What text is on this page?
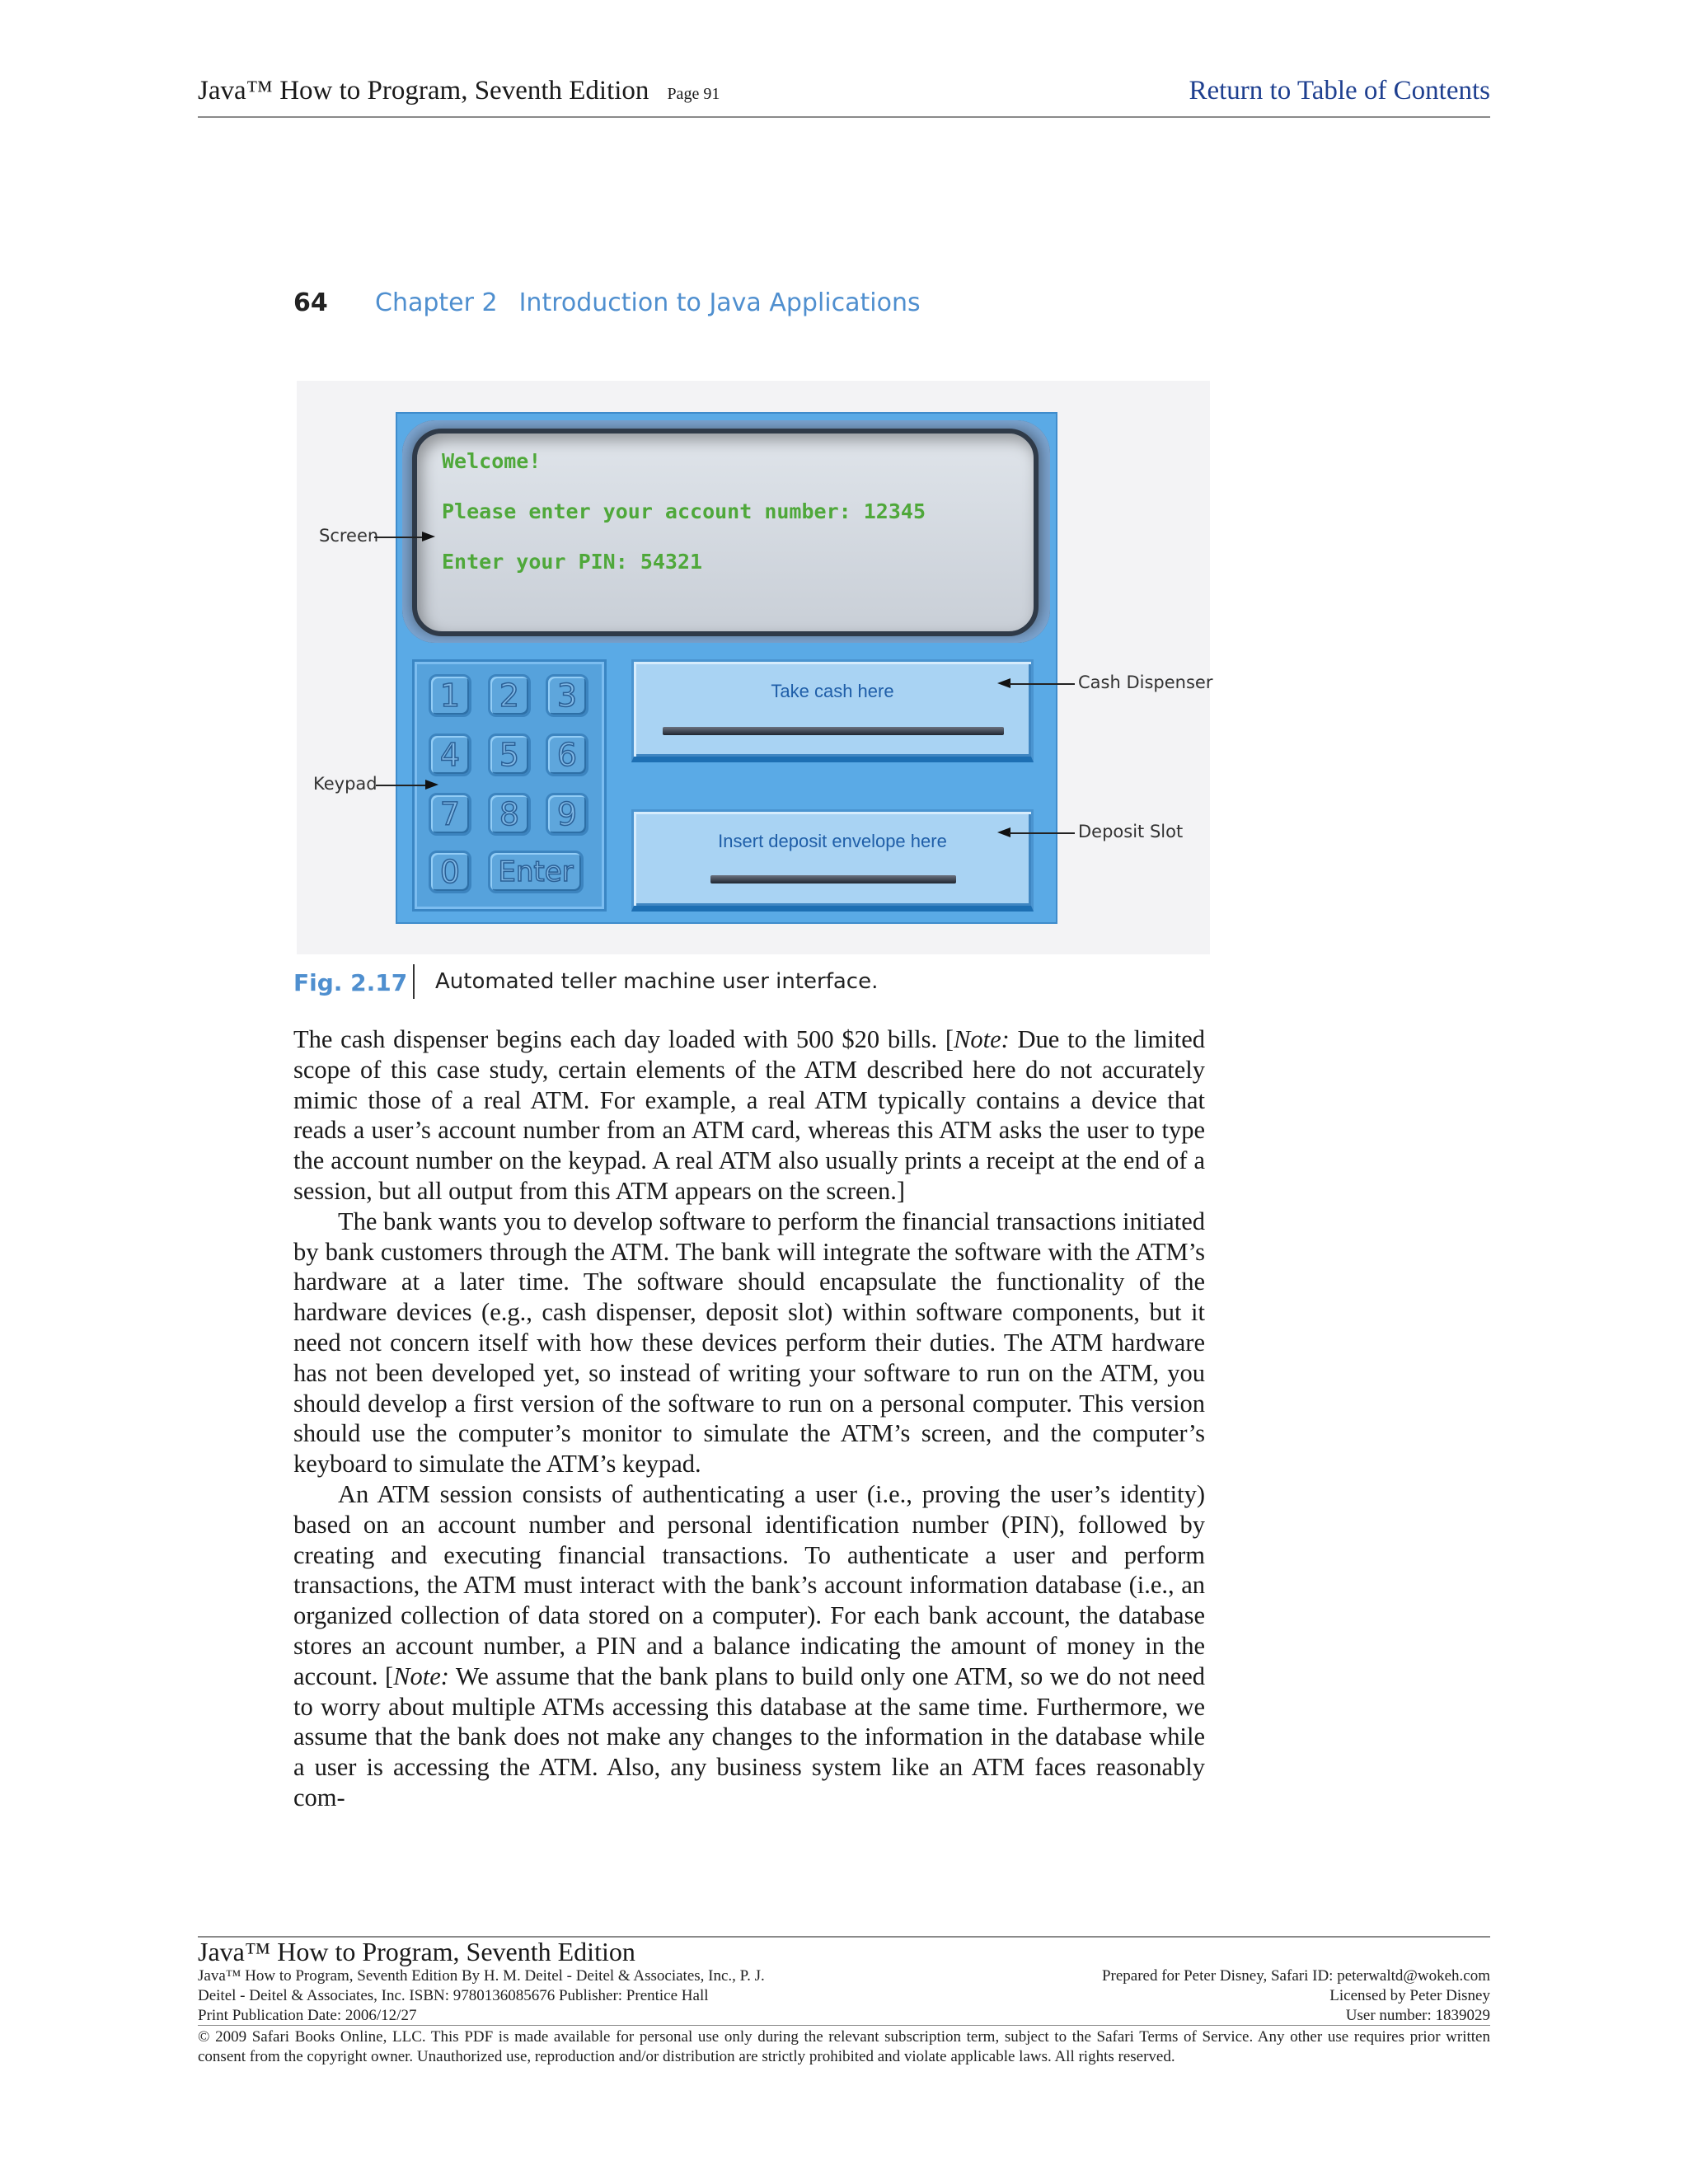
Java™ How to Program, Seventh Edition Page 91	Return to Table of Contents
64 Chapter 2 Introduction to Java Applications
Welcome!
Please enter your account number: 12345
Enter your PIN: 54321
1	2	3
4	5	6
7	8	9
0	Enter
Take cash here
Insert deposit envelope here
Screen
Keypad
Cash Dispenser
Deposit Slot
Fig. 2.17 Automated teller machine user interface.

The cash dispenser begins each day loaded with 500 $20 bills. [Note: Due to the limited scope of this case study, certain elements of the ATM described here do not accurately mimic those of a real ATM. For example, a real ATM typically contains a device that reads a user’s account number from an ATM card, whereas this ATM asks the user to type the account number on the keypad. A real ATM also usually prints a receipt at the end of a session, but all output from this ATM appears on the screen.]

The bank wants you to develop software to perform the financial transactions initiated by bank customers through the ATM. The bank will integrate the software with the ATM’s hardware at a later time. The software should encapsulate the functionality of the hardware devices (e.g., cash dispenser, deposit slot) within software components, but it need not concern itself with how these devices perform their duties. The ATM hardware has not been developed yet, so instead of writing your software to run on the ATM, you should develop a first version of the software to run on a personal computer. This version should use the computer’s monitor to simulate the ATM’s screen, and the computer’s keyboard to simulate the ATM’s keypad.

An ATM session consists of authenticating a user (i.e., proving the user’s identity) based on an account number and personal identification number (PIN), followed by creating and executing financial transactions. To authenticate a user and perform transactions, the ATM must interact with the bank’s account information database (i.e., an organized collection of data stored on a computer). For each bank account, the database stores an account number, a PIN and a balance indicating the amount of money in the account. [Note: We assume that the bank plans to build only one ATM, so we do not need to worry about multiple ATMs accessing this database at the same time. Furthermore, we assume that the bank does not make any changes to the information in the database while a user is accessing the ATM. Also, any business system like an ATM faces reasonably com-

Java™ How to Program, Seventh Edition
Java™ How to Program, Seventh Edition By H. M. Deitel - Deitel & Associates, Inc., P. J.	Prepared for Peter Disney, Safari ID: peterwaltd@wokeh.com
Deitel - Deitel & Associates, Inc. ISBN: 9780136085676 Publisher: Prentice Hall	Licensed by Peter Disney
Print Publication Date: 2006/12/27	User number: 1839029
© 2009 Safari Books Online, LLC. This PDF is made available for personal use only during the relevant subscription term, subject to the Safari Terms of Service. Any other use requires prior written consent from the copyright owner. Unauthorized use, reproduction and/or distribution are strictly prohibited and violate applicable laws. All rights reserved.
